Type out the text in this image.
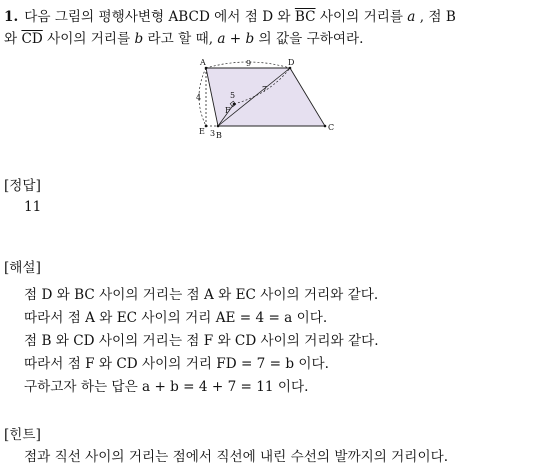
1. 다음 그림의 평행사변형 ABCD 에서 점 D 와 $\overline{BC}$ 사이의 거리를 a , 점 B
와 $\overline{CD}$ 사이의 거리를 b 라고 할 때, a + b 의 값을 구하여라.
A	D
F
E B
C
9
4	5
7
3
[정답]
11
[해설]
점 D 와 BC 사이의 거리는 점 A 와 EC 사이의 거리와 같다.
따라서 점 A 와 EC 사이의 거리 AE = 4 = a 이다.
점 B 와 CD 사이의 거리는 점 F 와 CD 사이의 거리와 같다.
따라서 점 F 와 CD 사이의 거리 FD = 7 = b 이다.
구하고자 하는 답은 a + b = 4 + 7 = 11 이다.
[힌트]
점과 직선 사이의 거리는 점에서 직선에 내린 수선의 발까지의 거리이다.
